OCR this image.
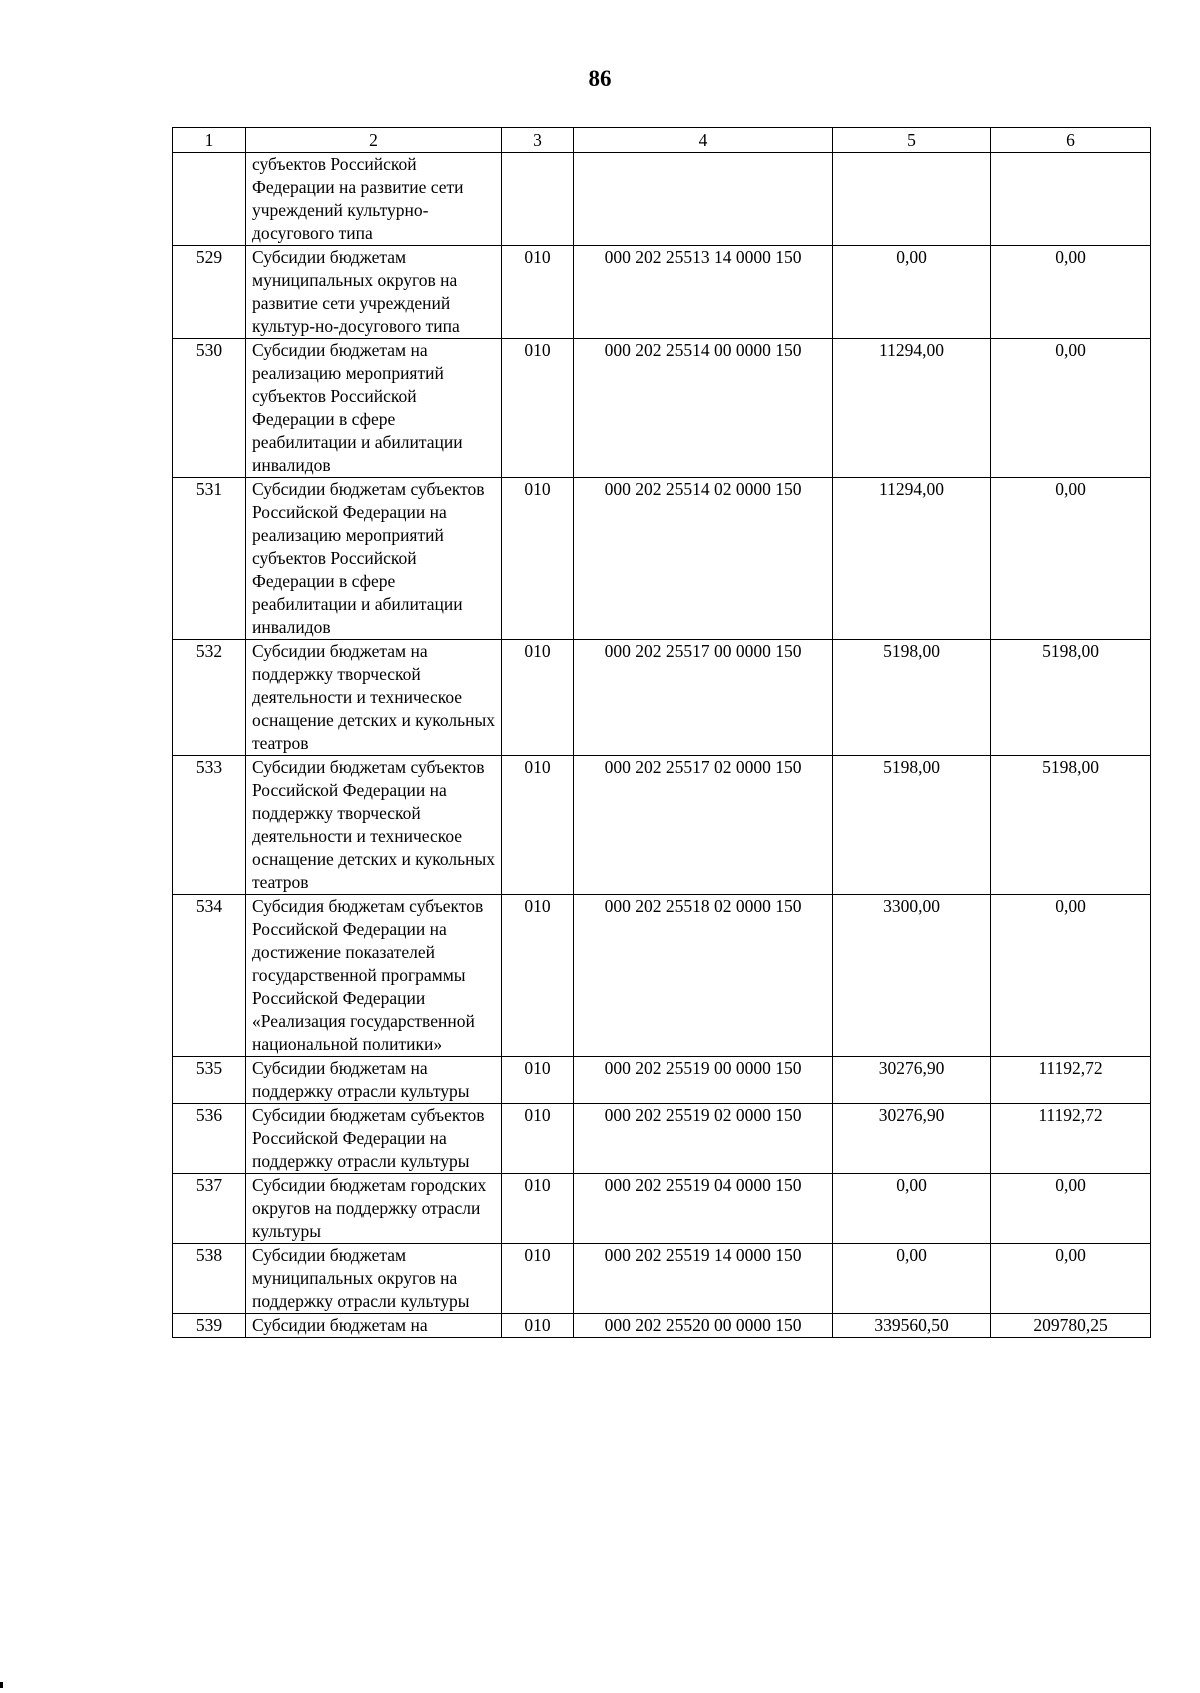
86
1	2	3	4	5	6
	субъектов Российской Федерации на развитие сети учреждений культурно-досугового типа				
529	Субсидии бюджетам муниципальных округов на развитие сети учреждений культур-но-досугового типа	010	000 202 25513 14 0000 150	0,00	0,00
530	Субсидии бюджетам на реализацию мероприятий субъектов Российской Федерации в сфере реабилитации и абилитации инвалидов	010	000 202 25514 00 0000 150	11294,00	0,00
531	Субсидии бюджетам субъектов Российской Федерации на реализацию мероприятий субъектов Российской Федерации в сфере реабилитации и абилитации инвалидов	010	000 202 25514 02 0000 150	11294,00	0,00
532	Субсидии бюджетам на поддержку творческой деятельности и техническое оснащение детских и кукольных театров	010	000 202 25517 00 0000 150	5198,00	5198,00
533	Субсидии бюджетам субъектов Российской Федерации на поддержку творческой деятельности и техническое оснащение детских и кукольных театров	010	000 202 25517 02 0000 150	5198,00	5198,00
534	Субсидия бюджетам субъектов Российской Федерации на достижение показателей государственной программы Российской Федерации «Реализация государственной национальной политики»	010	000 202 25518 02 0000 150	3300,00	0,00
535	Субсидии бюджетам на поддержку отрасли культуры	010	000 202 25519 00 0000 150	30276,90	11192,72
536	Субсидии бюджетам субъектов Российской Федерации на поддержку отрасли культуры	010	000 202 25519 02 0000 150	30276,90	11192,72
537	Субсидии бюджетам городских округов на поддержку отрасли культуры	010	000 202 25519 04 0000 150	0,00	0,00
538	Субсидии бюджетам муниципальных округов на поддержку отрасли культуры	010	000 202 25519 14 0000 150	0,00	0,00
539	Субсидии бюджетам на	010	000 202 25520 00 0000 150	339560,50	209780,25
